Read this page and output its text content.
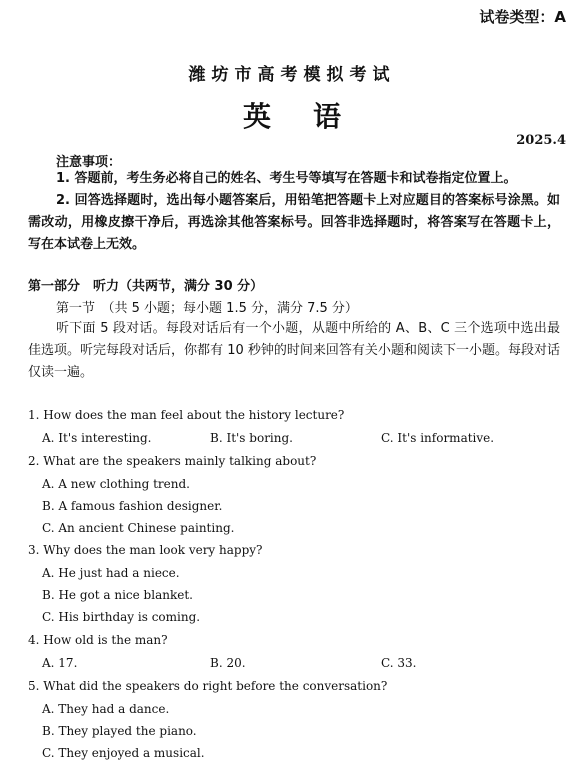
试卷类型：A
潍坊市高考模拟考试
英语
2025.4
注意事项：
1. 答题前，考生务必将自己的姓名、考生号等填写在答题卡和试卷指定位置上。
2. 回答选择题时，选出每小题答案后，用铅笔把答题卡上对应题目的答案标号涂黑。如需改动，用橡皮擦干净后，再选涂其他答案标号。回答非选择题时，将答案写在答题卡上，写在本试卷上无效。
第一部分　听力（共两节，满分 30 分）
第一节　（共 5 小题；每小题 1.5 分，满分 7.5 分）
听下面 5 段对话。每段对话后有一个小题，从题中所给的 A、B、C 三个选项中选出最佳选项。听完每段对话后，你都有 10 秒钟的时间来回答有关小题和阅读下一小题。每段对话仅读一遍。
1. How does the man feel about the history lecture?
A. It's interesting.	B. It's boring.	C. It's informative.
2. What are the speakers mainly talking about?
A. A new clothing trend.
B. A famous fashion designer.
C. An ancient Chinese painting.
3. Why does the man look very happy?
A. He just had a niece.
B. He got a nice blanket.
C. His birthday is coming.
4. How old is the man?
A. 17.	B. 20.	C. 33.
5. What did the speakers do right before the conversation?
A. They had a dance.
B. They played the piano.
C. They enjoyed a musical.
